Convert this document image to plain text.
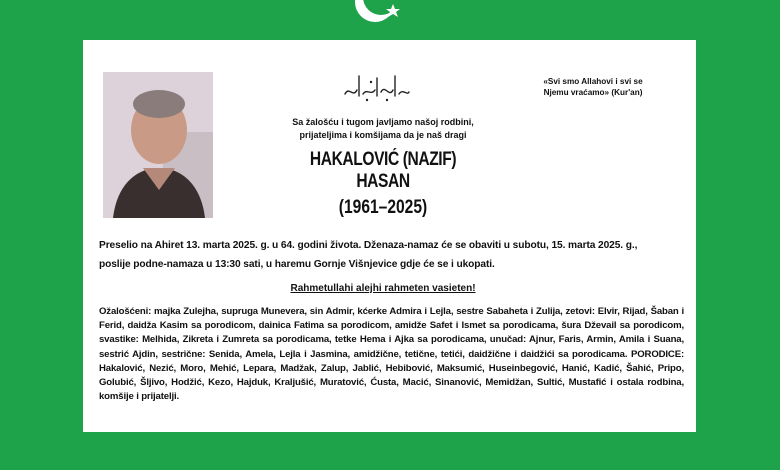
«Svi smo Allahovi i svi se
Njemu vraćamo» (Kur'an)
Sa žalošću i tugom javljamo našoj rodbini,
prijateljima i komšijama da je naš dragi
HAKALOVIĆ (NAZIF) HASAN
(1961–2025)
Preselio na Ahiret 13. marta 2025. g. u 64. godini života. Dženaza-namaz će se obaviti u subotu, 15. marta 2025. g.,
poslije podne-namaza u 13:30 sati, u haremu Gornje Višnjevice gdje će se i ukopati.
Rahmetullahi alejhi rahmeten vasieten!
Ožalošćeni: majka Zulejha, supruga Munevera, sin Admir, kćerke Admira i Lejla, sestre Sabaheta i Zulija, zetovi: Elvir, Rijad, Šaban i Ferid, daidža Kasim sa porodicom, dainica Fatima sa porodicom, amidže Safet i Ismet sa porodicama, šura Dževail sa porodicom, svastike: Melhida, Zikreta i Zumreta sa porodicama, tetke Hema i Ajka sa porodicama, unučad: Ajnur, Faris, Armin, Amila i Suana, sestrić Ajdin, sestrične: Senida, Amela, Lejla i Jasmina, amidžične, tetične, tetići, daidžične i daidžići sa porodicama. PORODICE: Hakalović, Nezić, Moro, Mehić, Lepara, Madžak, Zalup, Jablić, Hebibović, Maksumić, Huseinbegović, Hanić, Kadić, Šahić, Pripo, Golubić, Šljivo, Hodžić, Kezo, Hajduk, Kraljušić, Muratović, Ćusta, Macić, Sinanović, Memidžan, Sultić, Mustafić i ostala rodbina, komšije i prijatelji.
